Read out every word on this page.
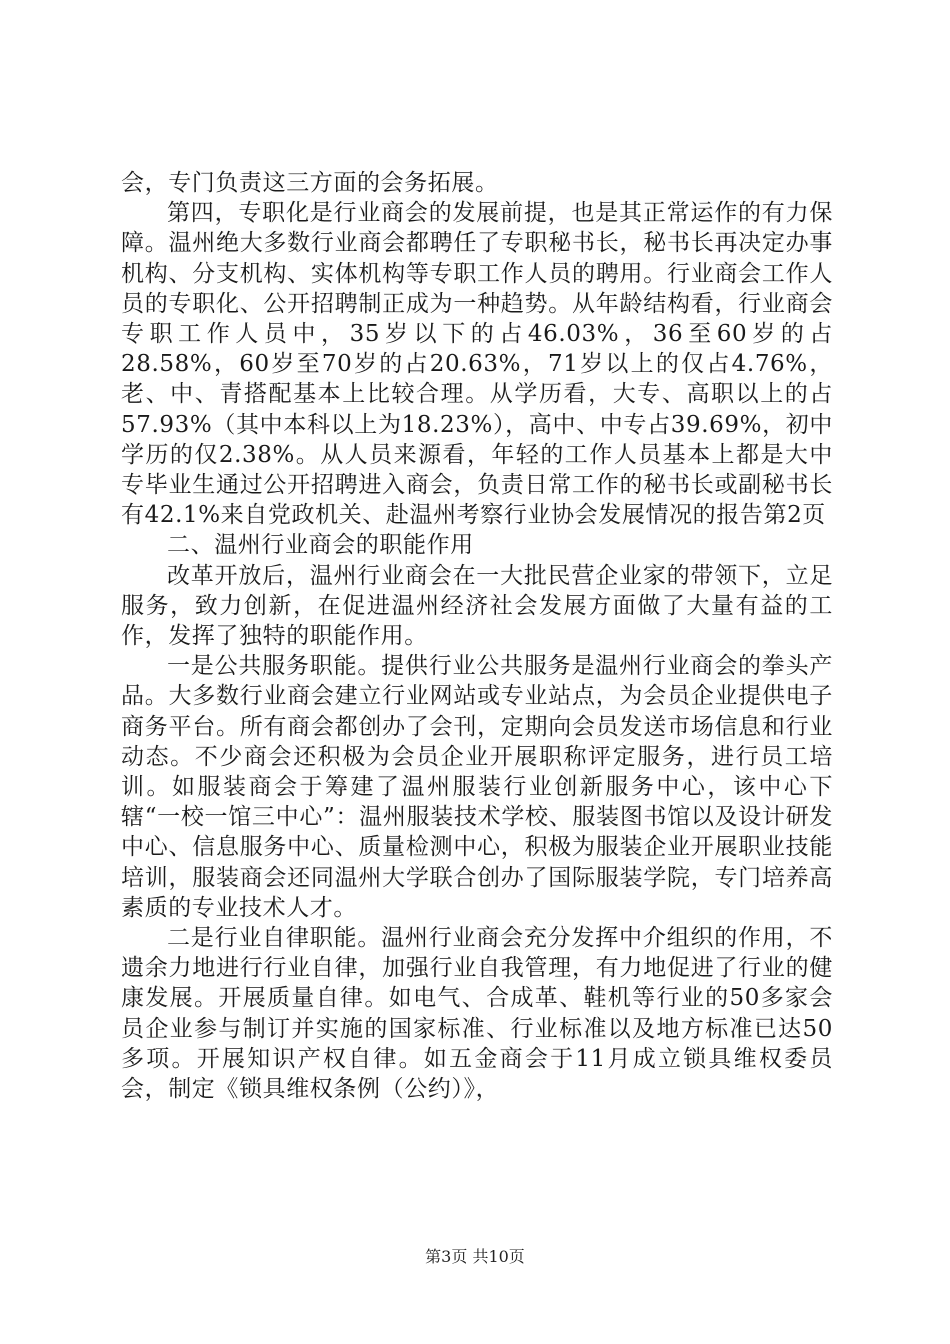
会，专门负责这三方面的会务拓展。

第四，专职化是行业商会的发展前提，也是其正常运作的有力保障。温州绝大多数行业商会都聘任了专职秘书长，秘书长再决定办事机构、分支机构、实体机构等专职工作人员的聘用。行业商会工作人员的专职化、公开招聘制正成为一种趋势。从年龄结构看，行业商会专职工作人员中，35岁以下的占46.03%，36至60岁的占28.58%，60岁至70岁的占20.63%，71岁以上的仅占4.76%，老、中、青搭配基本上比较合理。从学历看，大专、高职以上的占57.93%（其中本科以上为18.23%），高中、中专占39.69%，初中学历的仅2.38%。从人员来源看，年轻的工作人员基本上都是大中专毕业生通过公开招聘进入商会，负责日常工作的秘书长或副秘书长有42.1%来自党政机关、赴温州考察行业协会发展情况的报告第2页

二、温州行业商会的职能作用

改革开放后，温州行业商会在一大批民营企业家的带领下，立足服务，致力创新，在促进温州经济社会发展方面做了大量有益的工作，发挥了独特的职能作用。

一是公共服务职能。提供行业公共服务是温州行业商会的拳头产品。大多数行业商会建立行业网站或专业站点，为会员企业提供电子商务平台。所有商会都创办了会刊，定期向会员发送市场信息和行业动态。不少商会还积极为会员企业开展职称评定服务，进行员工培训。如服装商会于筹建了温州服装行业创新服务中心，该中心下辖“一校一馆三中心”：温州服装技术学校、服装图书馆以及设计研发中心、信息服务中心、质量检测中心，积极为服装企业开展职业技能培训，服装商会还同温州大学联合创办了国际服装学院，专门培养高素质的专业技术人才。

二是行业自律职能。温州行业商会充分发挥中介组织的作用，不遗余力地进行行业自律，加强行业自我管理，有力地促进了行业的健康发展。开展质量自律。如电气、合成革、鞋机等行业的50多家会员企业参与制订并实施的国家标准、行业标准以及地方标准已达50多项。开展知识产权自律。如五金商会于11月成立锁具维权委员会，制定《锁具维权条例（公约）》，

第3页 共10页
